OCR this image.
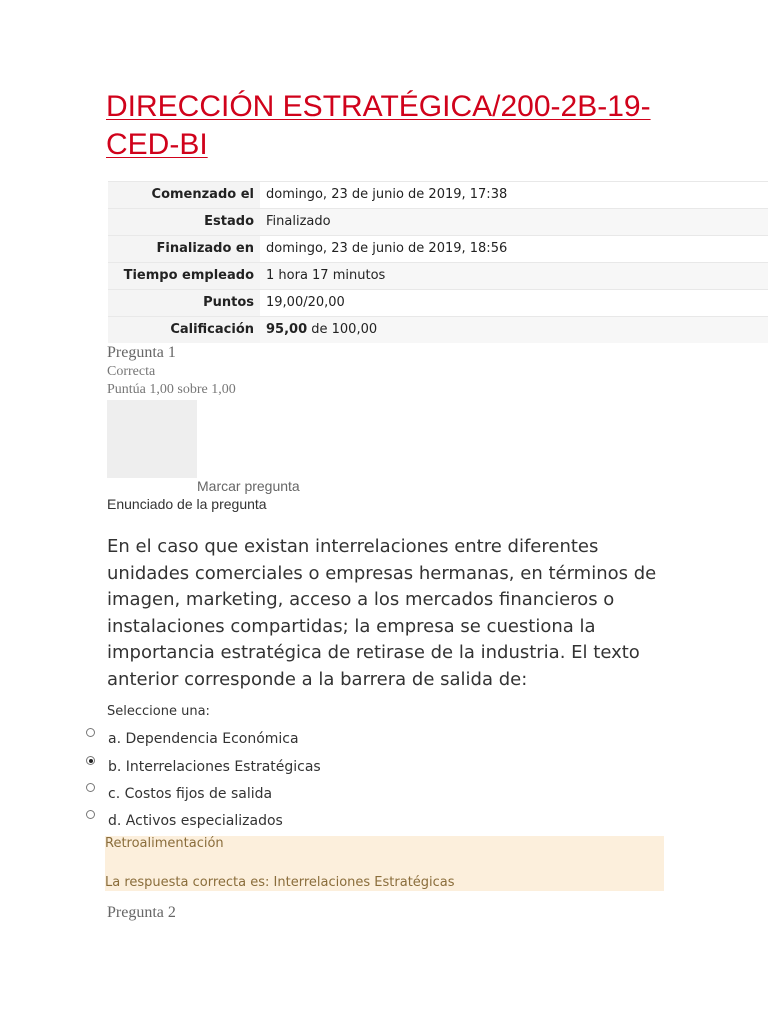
DIRECCIÓN ESTRATÉGICA/200-2B-19-CED-BI
Comenzado el	domingo, 23 de junio de 2019, 17:38
Estado	Finalizado
Finalizado en	domingo, 23 de junio de 2019, 18:56
Tiempo empleado	1 hora 17 minutos
Puntos	19,00/20,00
Calificación	95,00 de 100,00
Pregunta 1
Correcta
Puntúa 1,00 sobre 1,00
Marcar pregunta
Enunciado de la pregunta
En el caso que existan interrelaciones entre diferentes unidades comerciales o empresas hermanas, en términos de imagen, marketing, acceso a los mercados financieros o instalaciones compartidas; la empresa se cuestiona la importancia estratégica de retirase de la industria. El texto anterior corresponde a la barrera de salida de:
Seleccione una:
a. Dependencia Económica
b. Interrelaciones Estratégicas
c. Costos fijos de salida
d. Activos especializados
Retroalimentación
La respuesta correcta es: Interrelaciones Estratégicas
Pregunta 2
